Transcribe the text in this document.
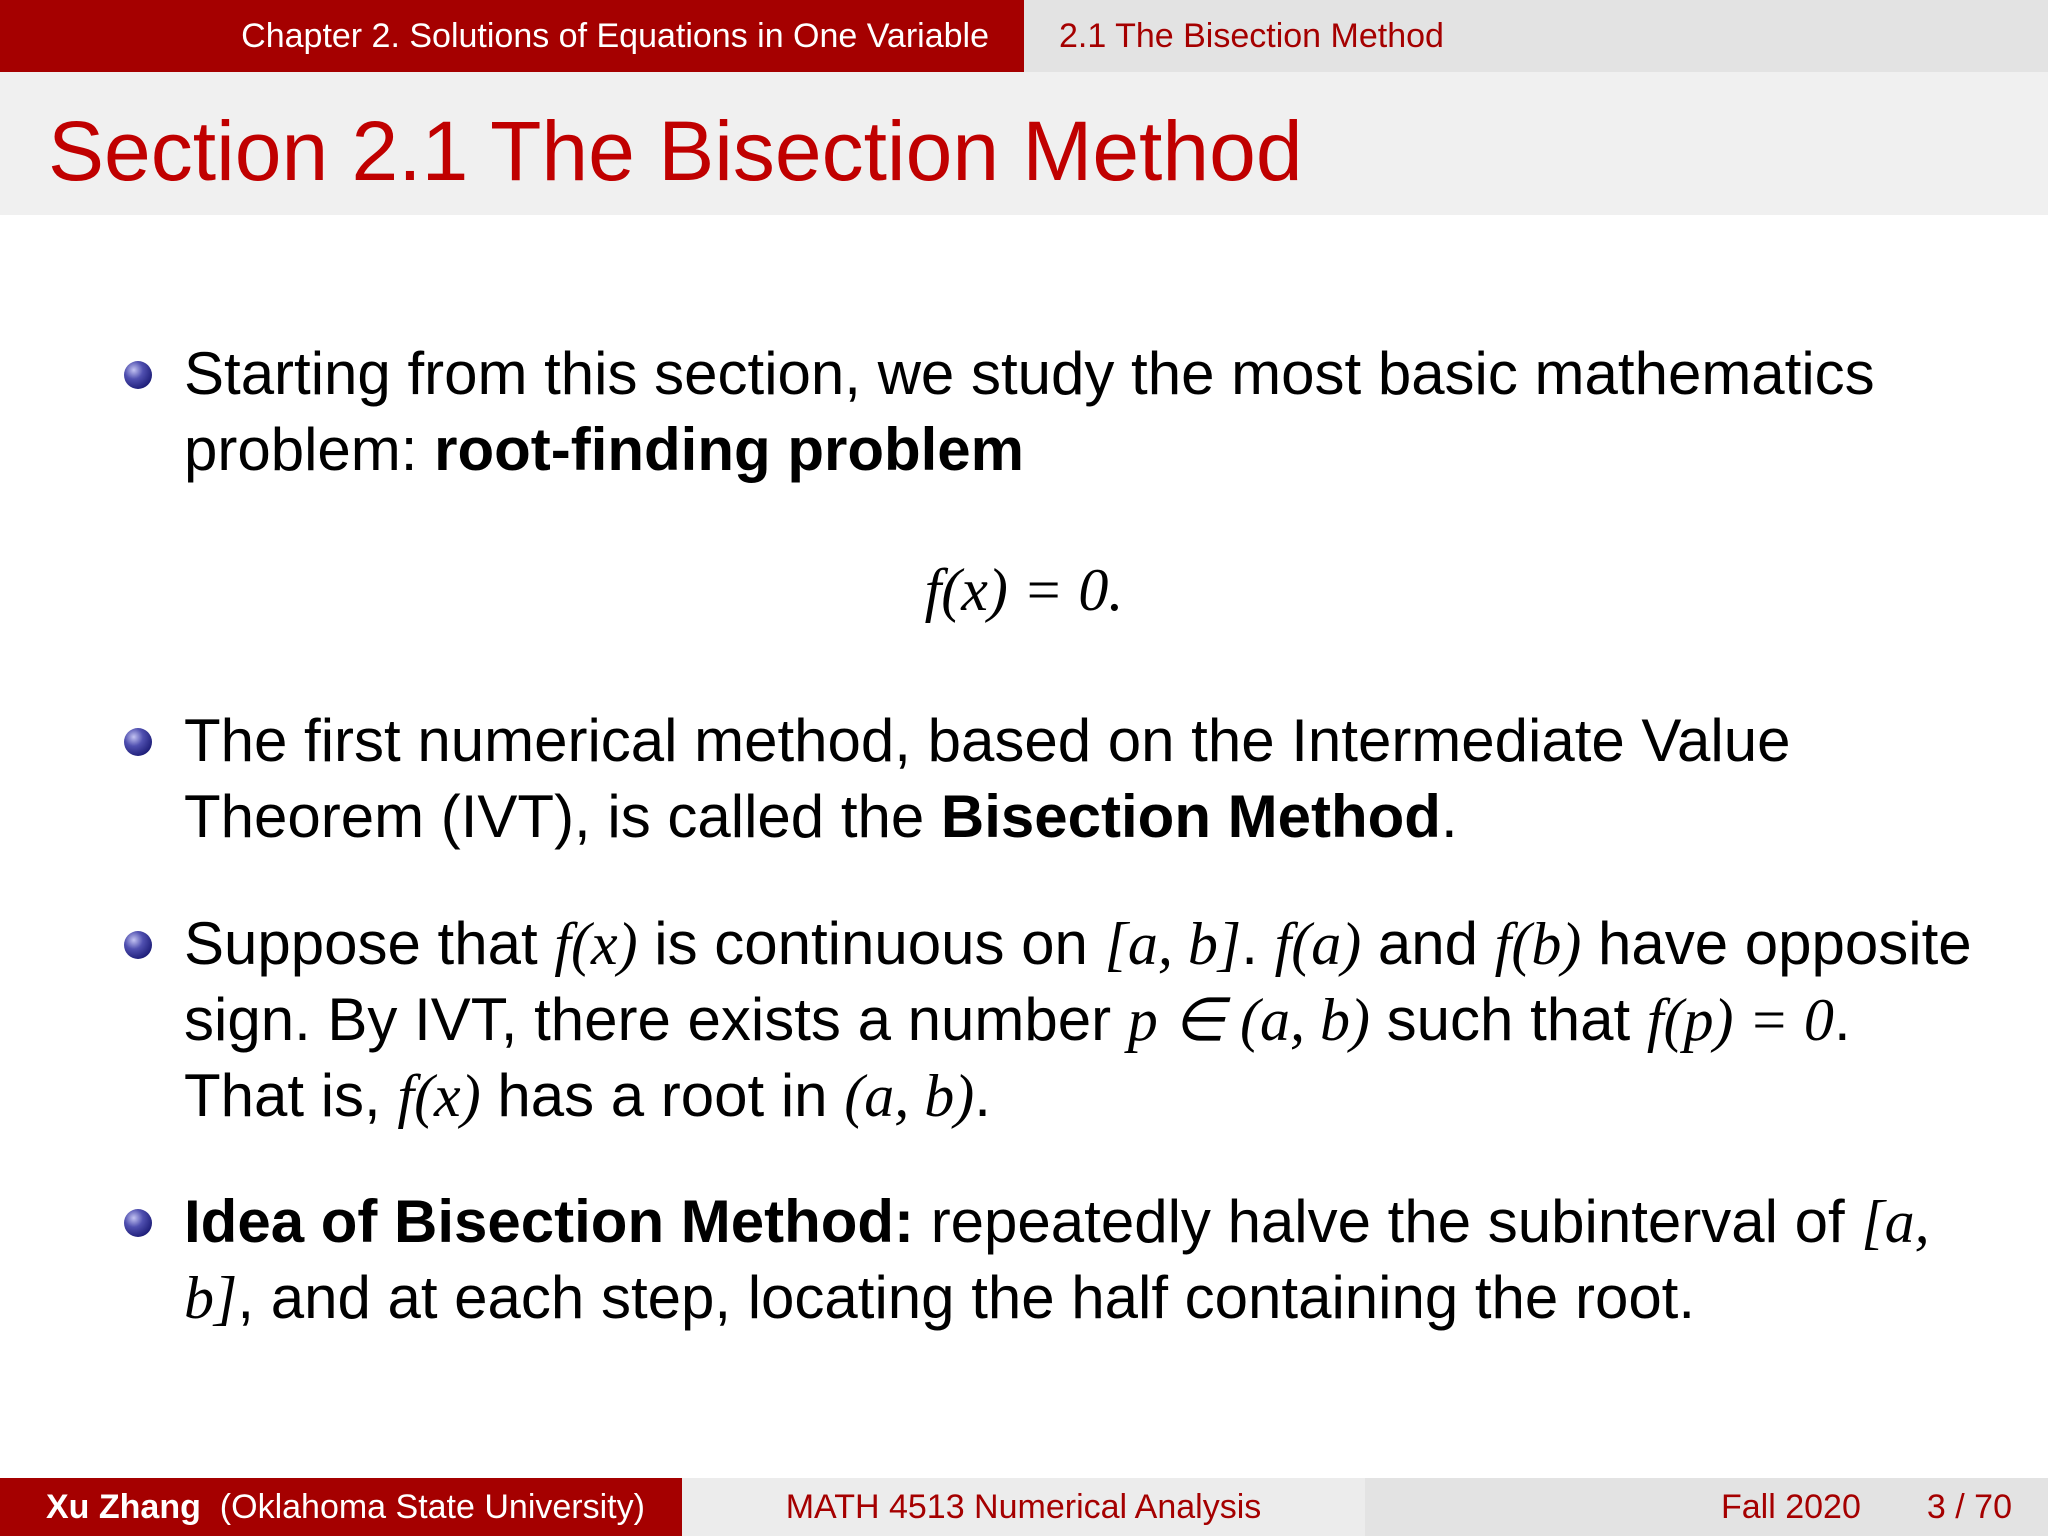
Chapter 2. Solutions of Equations in One Variable	2.1 The Bisection Method
Section 2.1 The Bisection Method
Starting from this section, we study the most basic mathematics problem: root-finding problem
f(x) = 0.
The first numerical method, based on the Intermediate Value Theorem (IVT), is called the Bisection Method.
Suppose that f(x) is continuous on [a, b]. f(a) and f(b) have opposite sign. By IVT, there exists a number p ∈ (a, b) such that f(p) = 0. That is, f(x) has a root in (a, b).
Idea of Bisection Method: repeatedly halve the subinterval of [a, b], and at each step, locating the half containing the root.
Xu Zhang (Oklahoma State University)	MATH 4513 Numerical Analysis	Fall 2020 3 / 70
